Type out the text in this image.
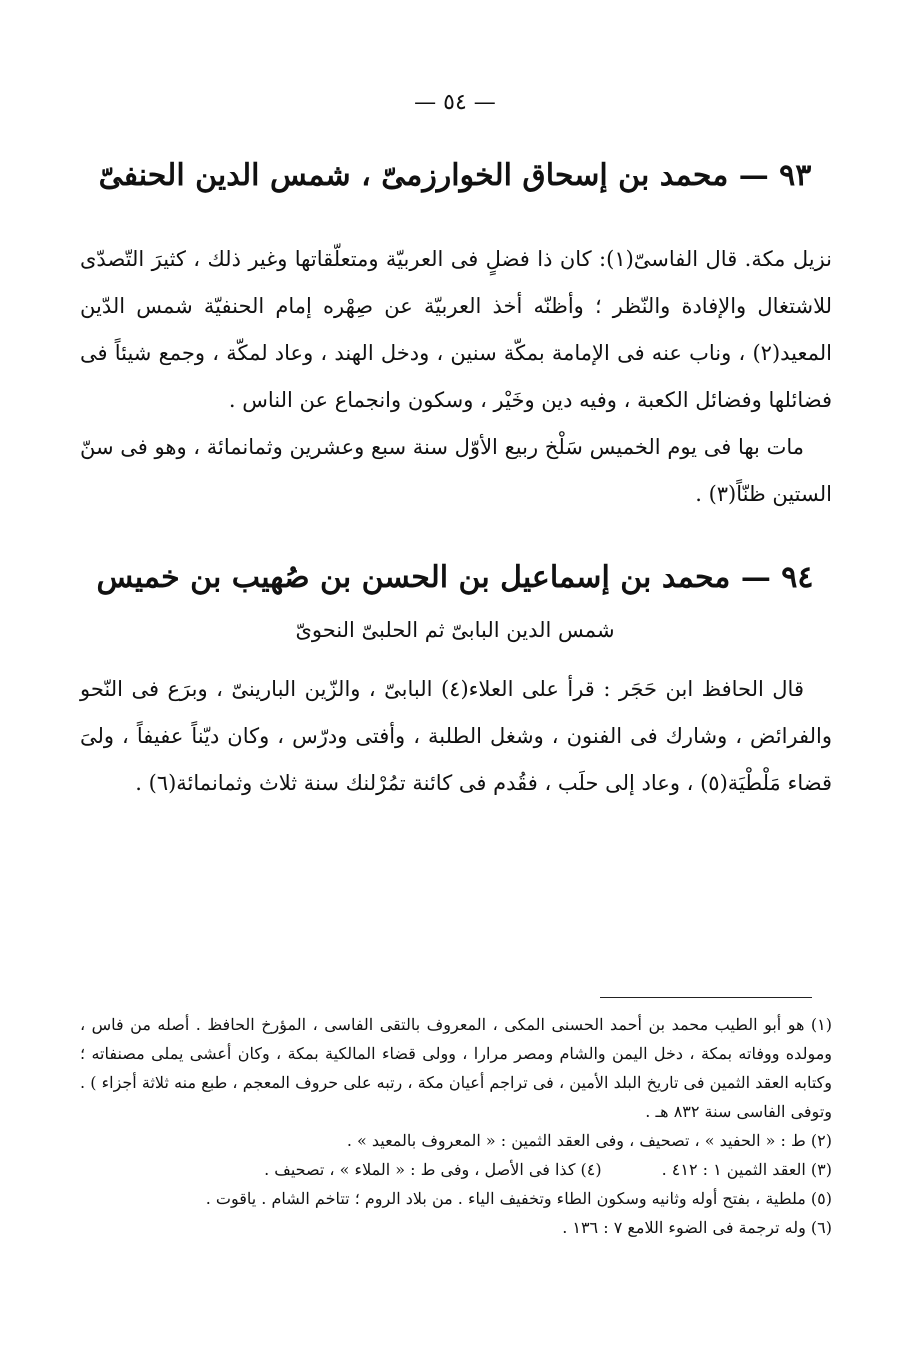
— ٥٤ —
٩٣ — محمد بن إسحاق الخوارزمىّ ، شمس الدين الحنفىّ

نزيل مكة. قال الفاسىّ(١): كان ذا فضلٍ فى العربيّة ومتعلّقاتها وغير ذلك ، كثيرَ التّصدّى للاشتغال والإفادة والنّظر ؛ وأظنّه أخذ العربيّة عن صِهْره إمام الحنفيّة شمس الدّين المعيد(٢) ، وناب عنه فى الإمامة بمكّة سنين ، ودخل الهند ، وعاد لمكّة ، وجمع شيئاً فى فضائلها وفضائل الكعبة ، وفيه دين وخَيْر ، وسكون وانجماع عن الناس .

مات بها فى يوم الخميس سَلْخ ربيع الأوّل سنة سبع وعشرين وثمانمائة ، وهو فى سنّ الستين ظنّاً(٣) .

٩٤ — محمد بن إسماعيل بن الحسن بن صُهيب بن خميس
شمس الدين البابىّ ثم الحلبىّ النحوىّ

قال الحافظ ابن حَجَر : قرأ على العلاء(٤) البابىّ ، والزّين البارينىّ ، وبرَع فى النّحو والفرائض ، وشارك فى الفنون ، وشغل الطلبة ، وأفتى ودرّس ، وكان ديّناً عفيفاً ، ولىَ قضاء مَلْطْيَة(٥) ، وعاد إلى حلَب ، فقُدم فى كائنة تمُرْلنك سنة ثلاث وثمانمائة(٦) .

(١) هو أبو الطيب محمد بن أحمد الحسنى المكى ، المعروف بالتقى الفاسى ، المؤرخ الحافظ . أصله من فاس ، ومولده ووفاته بمكة ، دخل اليمن والشام ومصر مرارا ، وولى قضاء المالكية بمكة ، وكان أعشى يملى مصنفاته ؛ وكتابه العقد الثمين فى تاريخ البلد الأمين ، فى تراجم أعيان مكة ، رتبه على حروف المعجم ، طبع منه ثلاثة أجزاء ) . وتوفى الفاسى سنة ٨٣٢ هـ .

(٢) ط : « الحفيد » ، تصحيف ، وفى العقد الثمين : « المعروف بالمعيد » .

(٣) العقد الثمين ١ : ٤١٢ .
(٤) كذا فى الأصل ، وفى ط : « الملاء » ، تصحيف .

(٥) ملطية ، بفتح أوله وثانيه وسكون الطاء وتخفيف الياء . من بلاد الروم ؛ تتاخم الشام . ياقوت .

(٦) وله ترجمة فى الضوء اللامع ٧ : ١٣٦ .
